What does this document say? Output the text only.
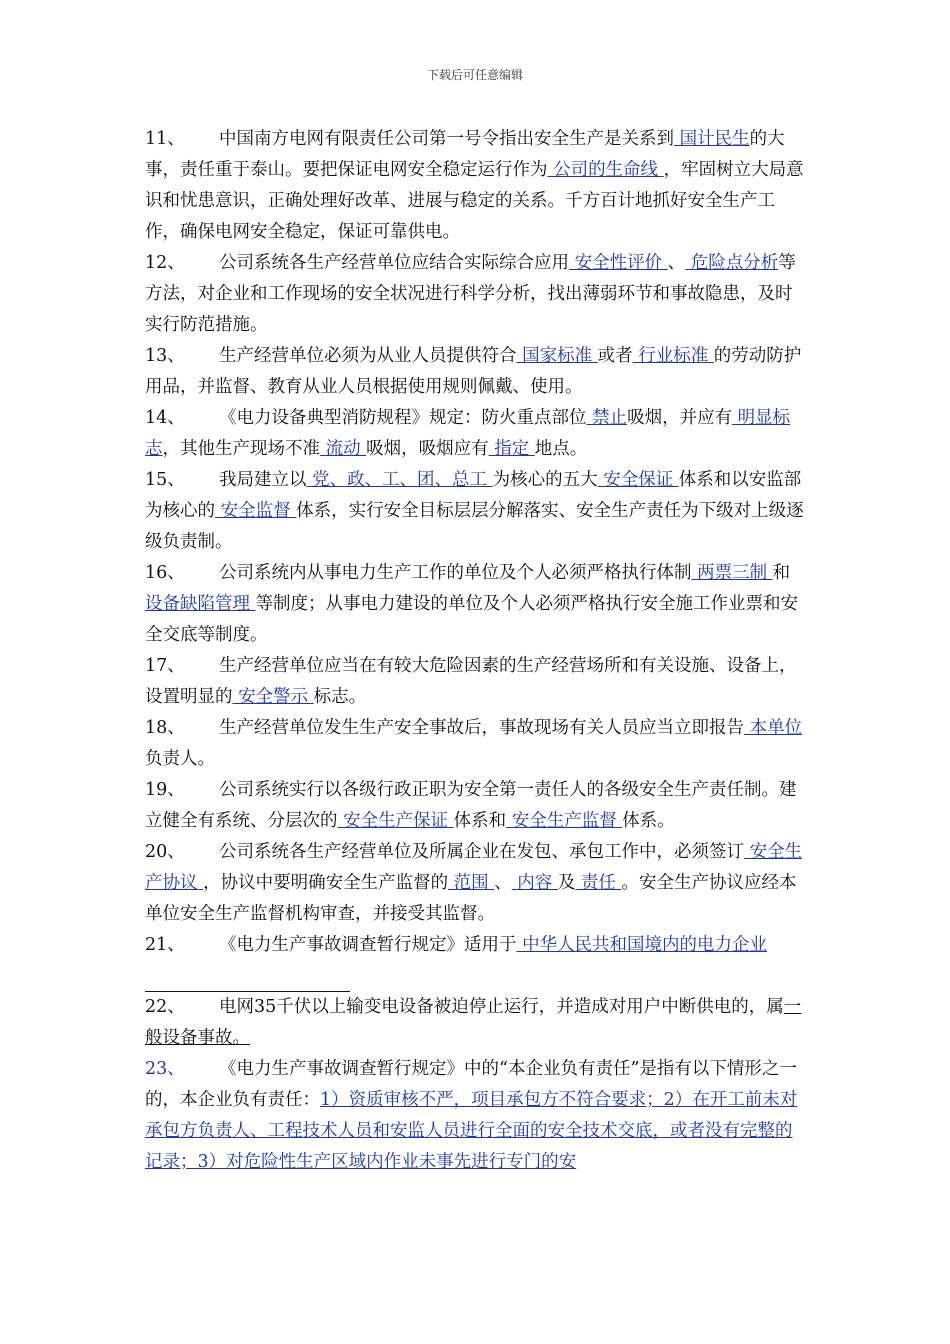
下载后可任意编辑

11、 中国南方电网有限责任公司第一号令指出安全生产是关系到 国计民生的大事，责任重于泰山。要把保证电网安全稳定运行作为 公司的生命线 ，牢固树立大局意识和忧患意识，正确处理好改革、进展与稳定的关系。千方百计地抓好安全生产工作，确保电网安全稳定，保证可靠供电。

12、 公司系统各生产经营单位应结合实际综合应用 安全性评价 、 危险点分析等方法，对企业和工作现场的安全状况进行科学分析，找出薄弱环节和事故隐患，及时实行防范措施。

13、 生产经营单位必须为从业人员提供符合 国家标准 或者 行业标准 的劳动防护用品，并监督、教育从业人员根据使用规则佩戴、使用。

14、 《电力设备典型消防规程》规定：防火重点部位 禁止吸烟，并应有 明显标志，其他生产现场不准 流动 吸烟，吸烟应有 指定 地点。

15、 我局建立以 党、政、工、团、总工 为核心的五大 安全保证 体系和以安监部为核心的 安全监督 体系，实行安全目标层层分解落实、安全生产责任为下级对上级逐级负责制。

16、 公司系统内从事电力生产工作的单位及个人必须严格执行体制 两票三制 和 设备缺陷管理 等制度；从事电力建设的单位及个人必须严格执行安全施工作业票和安全交底等制度。

17、 生产经营单位应当在有较大危险因素的生产经营场所和有关设施、设备上，设置明显的 安全警示 标志。

18、 生产经营单位发生生产安全事故后，事故现场有关人员应当立即报告 本单位 负责人。

19、 公司系统实行以各级行政正职为安全第一责任人的各级安全生产责任制。建立健全有系统、分层次的 安全生产保证 体系和 安全生产监督 体系。

20、 公司系统各生产经营单位及所属企业在发包、承包工作中，必须签订 安全生产协议 ，协议中要明确安全生产监督的 范围 、 内容 及 责任 。安全生产协议应经本单位安全生产监督机构审查，并接受其监督。

21、 《电力生产事故调查暂行规定》适用于 中华人民共和国境内的电力企业

22、 电网35千伏以上输变电设备被迫停止运行，并造成对用户中断供电的，属一般设备事故。

23、 《电力生产事故调查暂行规定》中的“本企业负有责任”是指有以下情形之一的，本企业负有责任：1）资质审核不严，项目承包方不符合要求；2）在开工前未对承包方负责人、工程技术人员和安监人员进行全面的安全技术交底，或者没有完整的记录；3）对危险性生产区域内作业未事先进行专门的安
